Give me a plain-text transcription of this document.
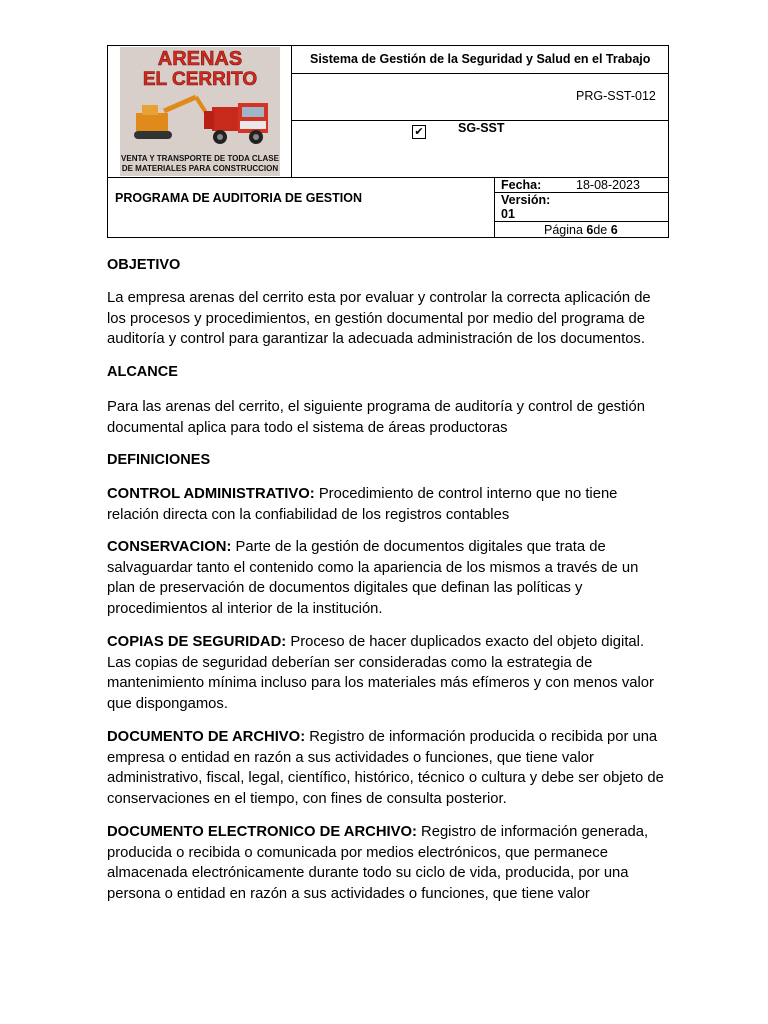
ARENAS
EL CERRITO
VENTA Y TRANSPORTE DE TODA CLASE
DE MATERIALES PARA CONSTRUCCION
Sistema de Gestión de la Seguridad y Salud en el Trabajo
PRG-SST-012
✔	SG-SST
PROGRAMA DE AUDITORIA DE GESTION
Fecha:	18-08-2023
Versión:
01
Página 6de 6
OBJETIVO
La empresa arenas del cerrito esta por evaluar y controlar la correcta aplicación de los procesos y procedimientos, en gestión documental por medio del programa de auditoría y control para garantizar la adecuada administración de los documentos.
ALCANCE
Para las arenas del cerrito, el siguiente programa de auditoría y control de gestión documental aplica para todo el sistema de áreas productoras
DEFINICIONES
CONTROL ADMINISTRATIVO: Procedimiento de control interno que no tiene relación directa con la confiabilidad de los registros contables
CONSERVACION: Parte de la gestión de documentos digitales que trata de salvaguardar tanto el contenido como la apariencia de los mismos a través de un plan de preservación de documentos digitales que definan las políticas y procedimientos al interior de la institución.
COPIAS DE SEGURIDAD: Proceso de hacer duplicados exacto del objeto digital. Las copias de seguridad deberían ser consideradas como la estrategia de mantenimiento mínima incluso para los materiales más efímeros y con menos valor que dispongamos.
DOCUMENTO DE ARCHIVO: Registro de información producida o recibida por una empresa o entidad en razón a sus actividades o funciones, que tiene valor administrativo, fiscal, legal, científico, histórico, técnico o cultura y debe ser objeto de conservaciones en el tiempo, con fines de consulta posterior.
DOCUMENTO ELECTRONICO DE ARCHIVO: Registro de información generada, producida o recibida o comunicada por medios electrónicos, que permanece almacenada electrónicamente durante todo su ciclo de vida, producida, por una persona o entidad en razón a sus actividades o funciones, que tiene valor
